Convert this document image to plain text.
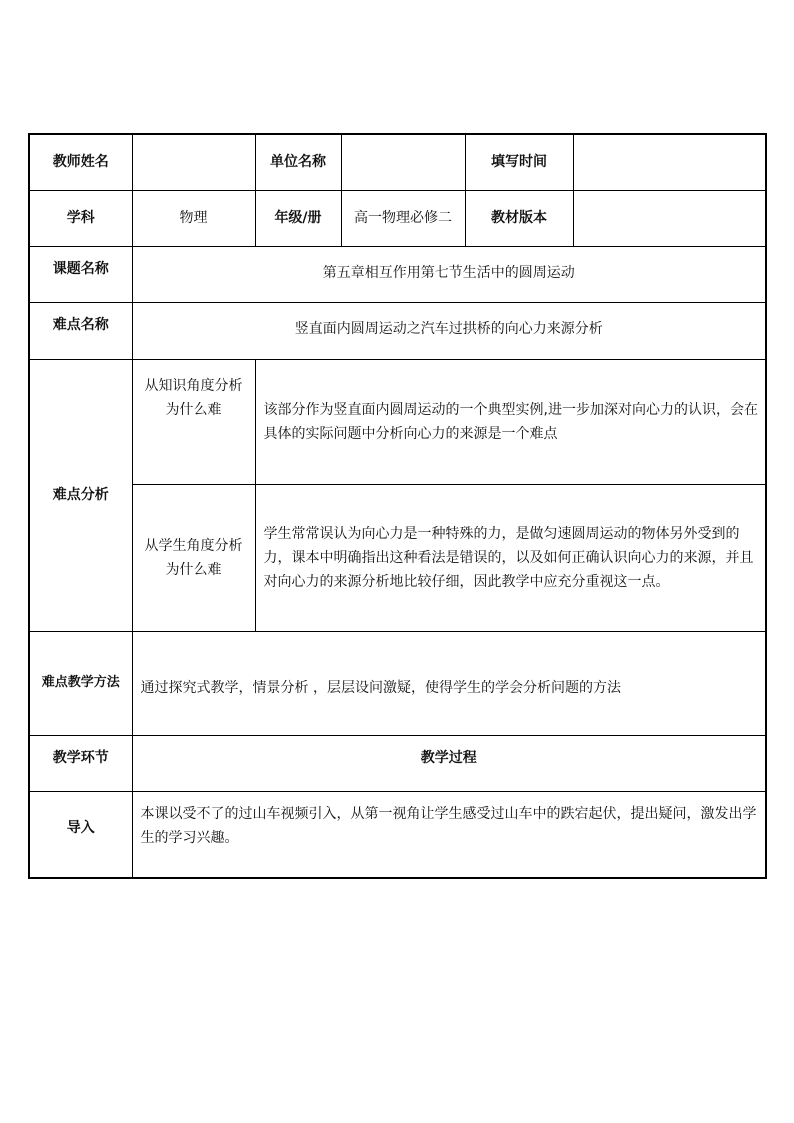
教师姓名		单位名称		填写时间	
学科	物理	年级/册	高一物理必修二	教材版本	
课题名称	第五章相互作用第七节生活中的圆周运动				
难点名称	竖直面内圆周运动之汽车过拱桥的向心力来源分析				
难点分析	从知识角度分析为什么难	该部分作为竖直面内圆周运动的一个典型实例,进一步加深对向心力的认识，会在具体的实际问题中分析向心力的来源是一个难点			
	从学生角度分析为什么难	学生常常误认为向心力是一种特殊的力，是做匀速圆周运动的物体另外受到的力，课本中明确指出这种看法是错误的，以及如何正确认识向心力的来源，并且对向心力的来源分析地比较仔细，因此教学中应充分重视这一点。			
难点教学方法	通过探究式教学，情景分析 ，层层设问激疑，使得学生的学会分析问题的方法				
教学环节	教学过程				
导入	本课以受不了的过山车视频引入，从第一视角让学生感受过山车中的跌宕起伏，提出疑问，激发出学生的学习兴趣。				
